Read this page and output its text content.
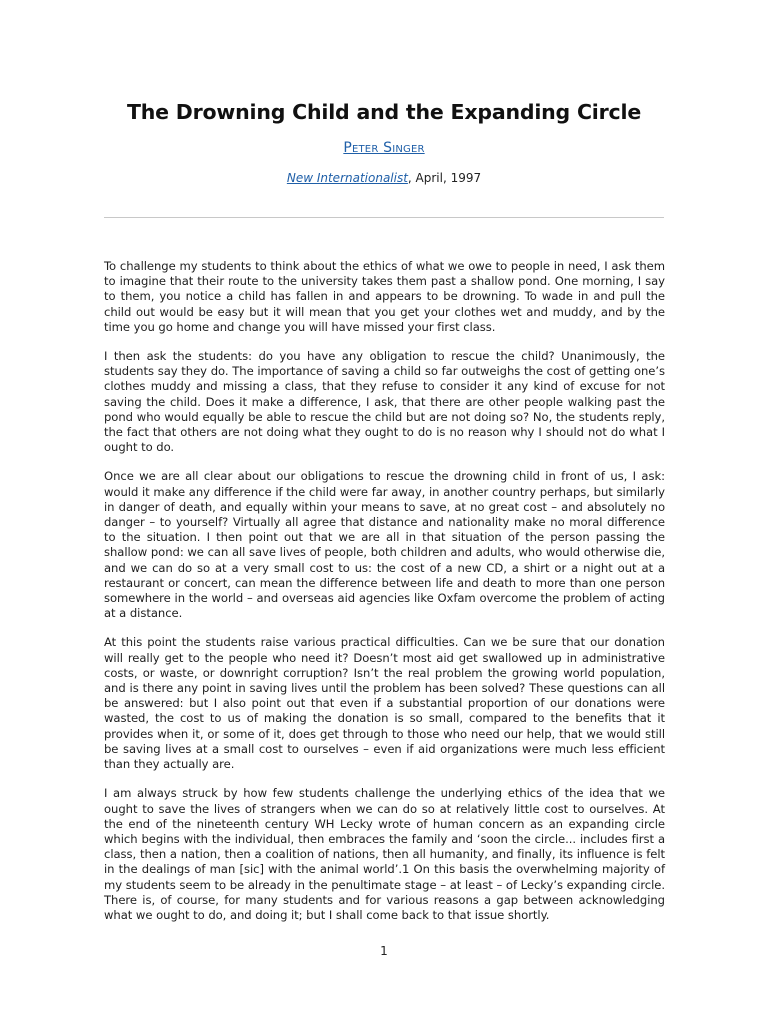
The Drowning Child and the Expanding Circle

Peter Singer

New Internationalist, April, 1997

To challenge my students to think about the ethics of what we owe to people in need, I ask them to imagine that their route to the university takes them past a shallow pond. One morning, I say to them, you notice a child has fallen in and appears to be drowning. To wade in and pull the child out would be easy but it will mean that you get your clothes wet and muddy, and by the time you go home and change you will have missed your first class.

I then ask the students: do you have any obligation to rescue the child? Unanimously, the students say they do. The importance of saving a child so far outweighs the cost of getting one’s clothes muddy and missing a class, that they refuse to consider it any kind of excuse for not saving the child. Does it make a difference, I ask, that there are other people walking past the pond who would equally be able to rescue the child but are not doing so? No, the students reply, the fact that others are not doing what they ought to do is no reason why I should not do what I ought to do.

Once we are all clear about our obligations to rescue the drowning child in front of us, I ask: would it make any difference if the child were far away, in another country perhaps, but similarly in danger of death, and equally within your means to save, at no great cost – and absolutely no danger – to yourself? Virtually all agree that distance and nationality make no moral difference to the situation. I then point out that we are all in that situation of the person passing the shallow pond: we can all save lives of people, both children and adults, who would otherwise die, and we can do so at a very small cost to us: the cost of a new CD, a shirt or a night out at a restaurant or concert, can mean the difference between life and death to more than one person somewhere in the world – and overseas aid agencies like Oxfam overcome the problem of acting at a distance.

At this point the students raise various practical difficulties. Can we be sure that our donation will really get to the people who need it? Doesn’t most aid get swallowed up in administrative costs, or waste, or downright corruption? Isn’t the real problem the growing world population, and is there any point in saving lives until the problem has been solved? These questions can all be answered: but I also point out that even if a substantial proportion of our donations were wasted, the cost to us of making the donation is so small, compared to the benefits that it provides when it, or some of it, does get through to those who need our help, that we would still be saving lives at a small cost to ourselves – even if aid organizations were much less efficient than they actually are.

I am always struck by how few students challenge the underlying ethics of the idea that we ought to save the lives of strangers when we can do so at relatively little cost to ourselves. At the end of the nineteenth century WH Lecky wrote of human concern as an expanding circle which begins with the individual, then embraces the family and ‘soon the circle... includes first a class, then a nation, then a coalition of nations, then all humanity, and finally, its influence is felt in the dealings of man [sic] with the animal world’.1 On this basis the overwhelming majority of my students seem to be already in the penultimate stage – at least – of Lecky’s expanding circle. There is, of course, for many students and for various reasons a gap between acknowledging what we ought to do, and doing it; but I shall come back to that issue shortly.

1
